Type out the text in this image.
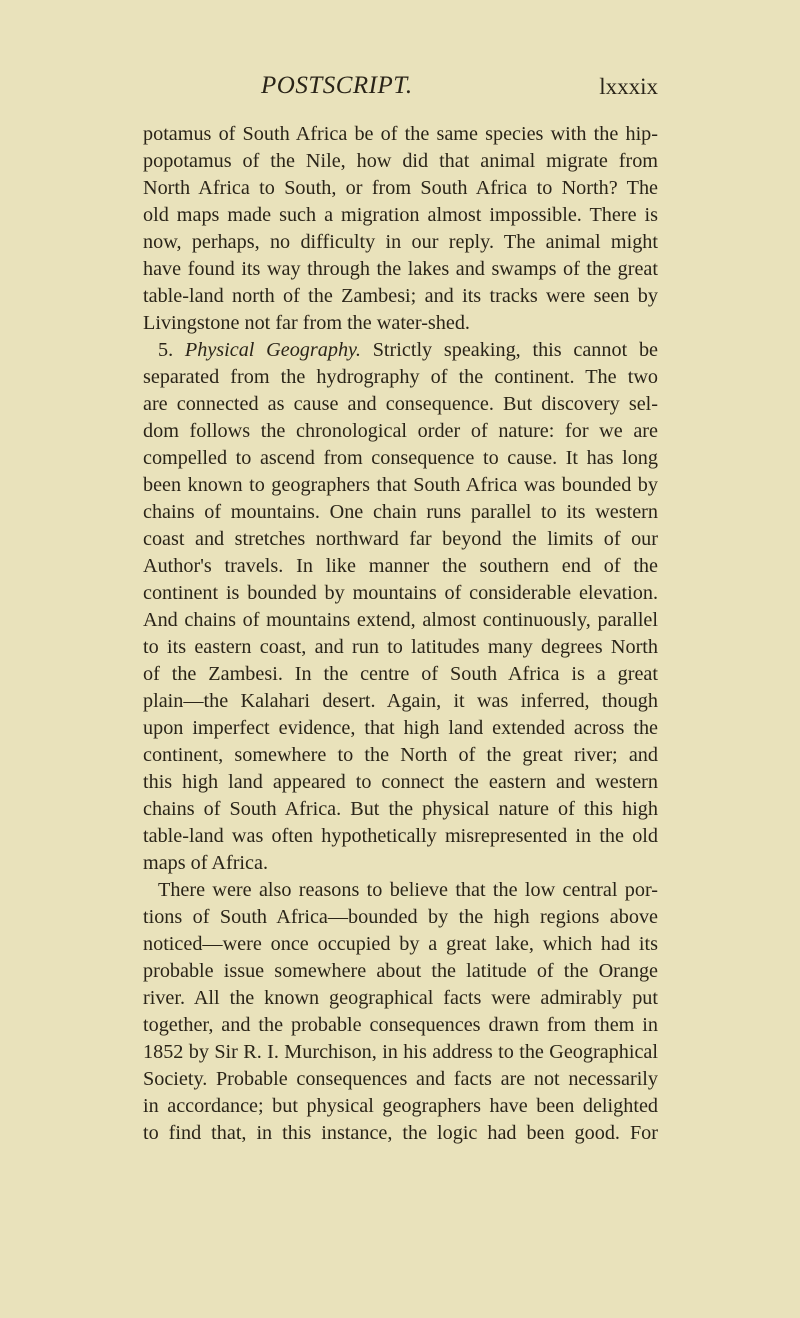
POSTSCRIPT.	lxxxix
potamus of South Africa be of the same species with the hip-
popotamus of the Nile, how did that animal migrate from
North Africa to South, or from South Africa to North? The
old maps made such a migration almost impossible. There is
now, perhaps, no difficulty in our reply. The animal might
have found its way through the lakes and swamps of the great
table-land north of the Zambesi; and its tracks were seen by
Livingstone not far from the water-shed.
5. Physical Geography. Strictly speaking, this cannot be
separated from the hydrography of the continent. The two
are connected as cause and consequence. But discovery sel-
dom follows the chronological order of nature: for we are
compelled to ascend from consequence to cause. It has long
been known to geographers that South Africa was bounded by
chains of mountains. One chain runs parallel to its western
coast and stretches northward far beyond the limits of our
Author's travels. In like manner the southern end of the
continent is bounded by mountains of considerable elevation.
And chains of mountains extend, almost continuously, parallel
to its eastern coast, and run to latitudes many degrees North
of the Zambesi. In the centre of South Africa is a great
plain—the Kalahari desert. Again, it was inferred, though
upon imperfect evidence, that high land extended across the
continent, somewhere to the North of the great river; and
this high land appeared to connect the eastern and western
chains of South Africa. But the physical nature of this high
table-land was often hypothetically misrepresented in the old
maps of Africa.
There were also reasons to believe that the low central por-
tions of South Africa—bounded by the high regions above
noticed—were once occupied by a great lake, which had its
probable issue somewhere about the latitude of the Orange
river. All the known geographical facts were admirably put
together, and the probable consequences drawn from them in
1852 by Sir R. I. Murchison, in his address to the Geographical
Society. Probable consequences and facts are not necessarily
in accordance; but physical geographers have been delighted
to find that, in this instance, the logic had been good. For
